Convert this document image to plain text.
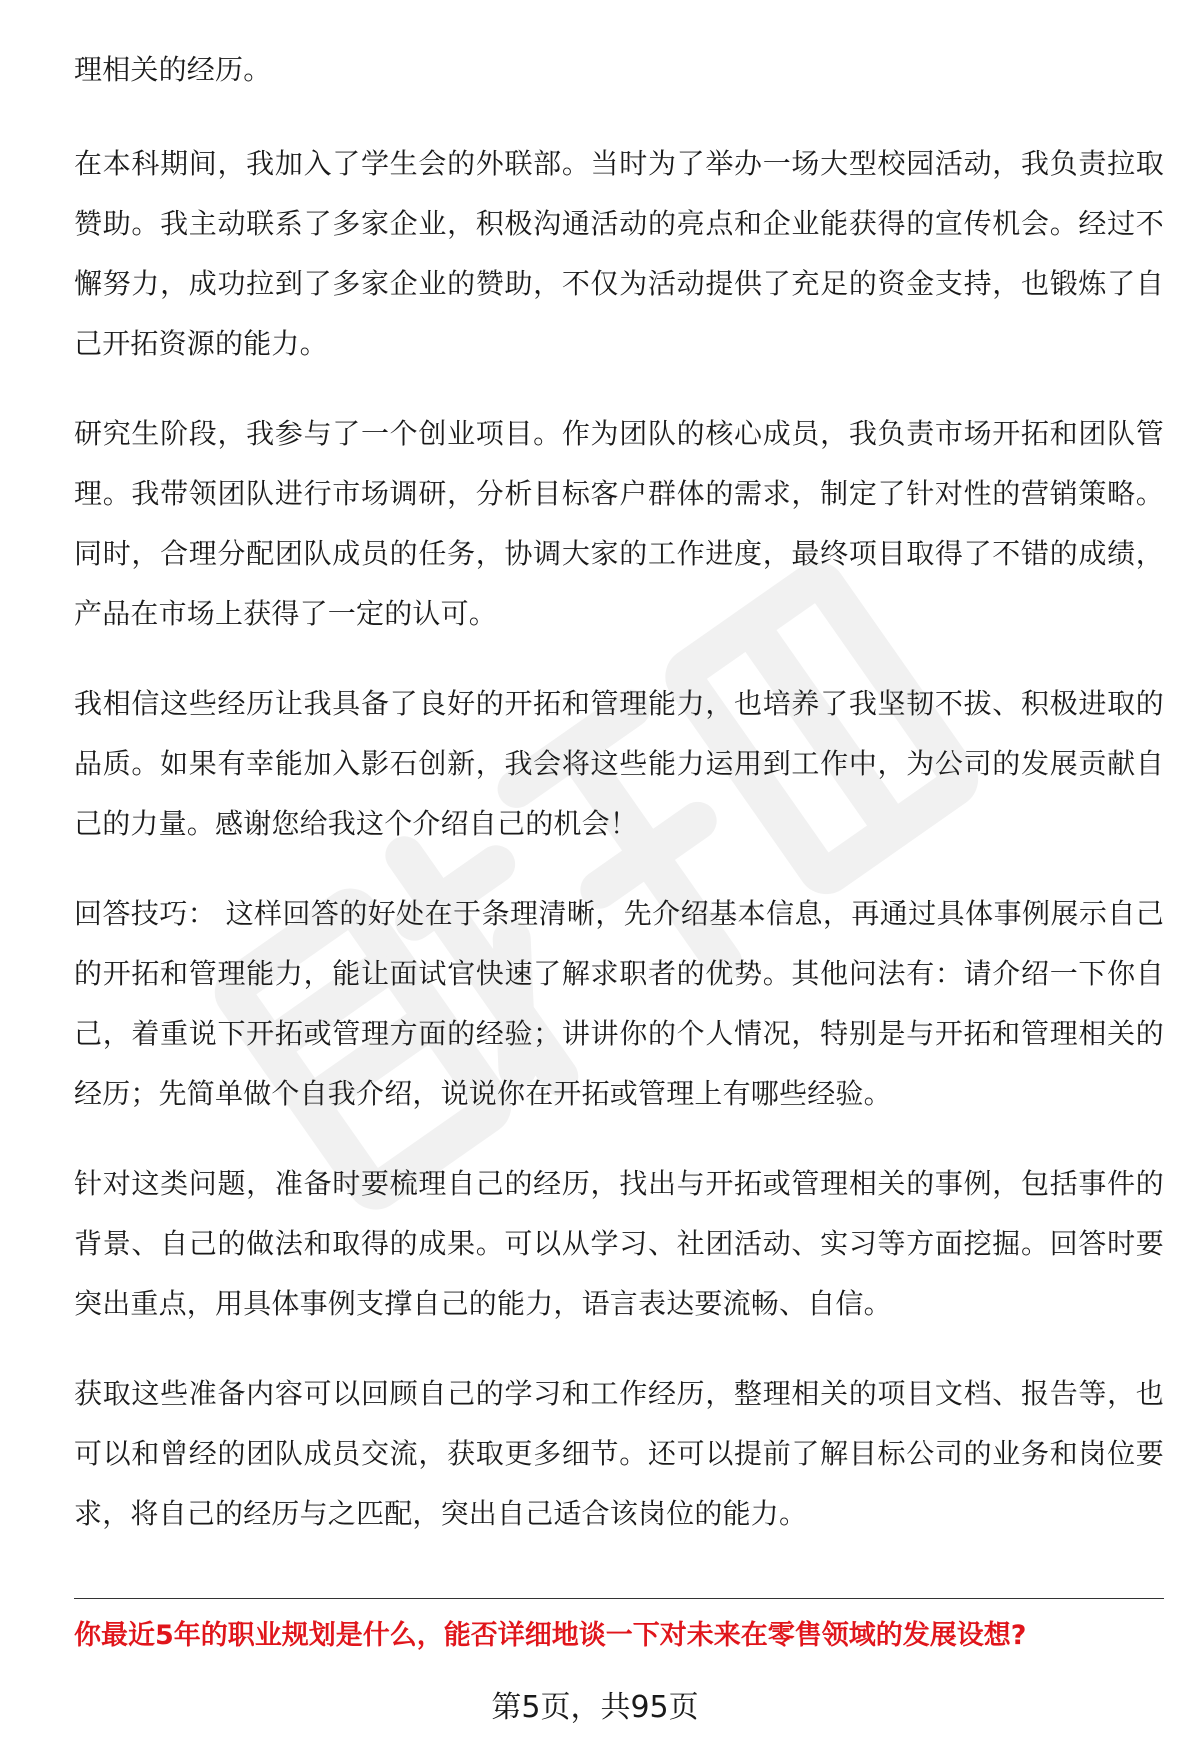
理相关的经历。

在本科期间，我加入了学生会的外联部。当时为了举办一场大型校园活动，我负责拉取赞助。我主动联系了多家企业，积极沟通活动的亮点和企业能获得的宣传机会。经过不懈努力，成功拉到了多家企业的赞助，不仅为活动提供了充足的资金支持，也锻炼了自己开拓资源的能力。

研究生阶段，我参与了一个创业项目。作为团队的核心成员，我负责市场开拓和团队管理。我带领团队进行市场调研，分析目标客户群体的需求，制定了针对性的营销策略。同时，合理分配团队成员的任务，协调大家的工作进度，最终项目取得了不错的成绩，产品在市场上获得了一定的认可。

我相信这些经历让我具备了良好的开拓和管理能力，也培养了我坚韧不拔、积极进取的品质。如果有幸能加入影石创新，我会将这些能力运用到工作中，为公司的发展贡献自己的力量。感谢您给我这个介绍自己的机会！

回答技巧： 这样回答的好处在于条理清晰，先介绍基本信息，再通过具体事例展示自己的开拓和管理能力，能让面试官快速了解求职者的优势。其他问法有：请介绍一下你自己，着重说下开拓或管理方面的经验；讲讲你的个人情况，特别是与开拓和管理相关的经历；先简单做个自我介绍，说说你在开拓或管理上有哪些经验。

针对这类问题，准备时要梳理自己的经历，找出与开拓或管理相关的事例，包括事件的背景、自己的做法和取得的成果。可以从学习、社团活动、实习等方面挖掘。回答时要突出重点，用具体事例支撑自己的能力，语言表达要流畅、自信。

获取这些准备内容可以回顾自己的学习和工作经历，整理相关的项目文档、报告等，也可以和曾经的团队成员交流，获取更多细节。还可以提前了解目标公司的业务和岗位要求，将自己的经历与之匹配，突出自己适合该岗位的能力。

你最近5年的职业规划是什么，能否详细地谈一下对未来在零售领域的发展设想?
第5页，共95页
